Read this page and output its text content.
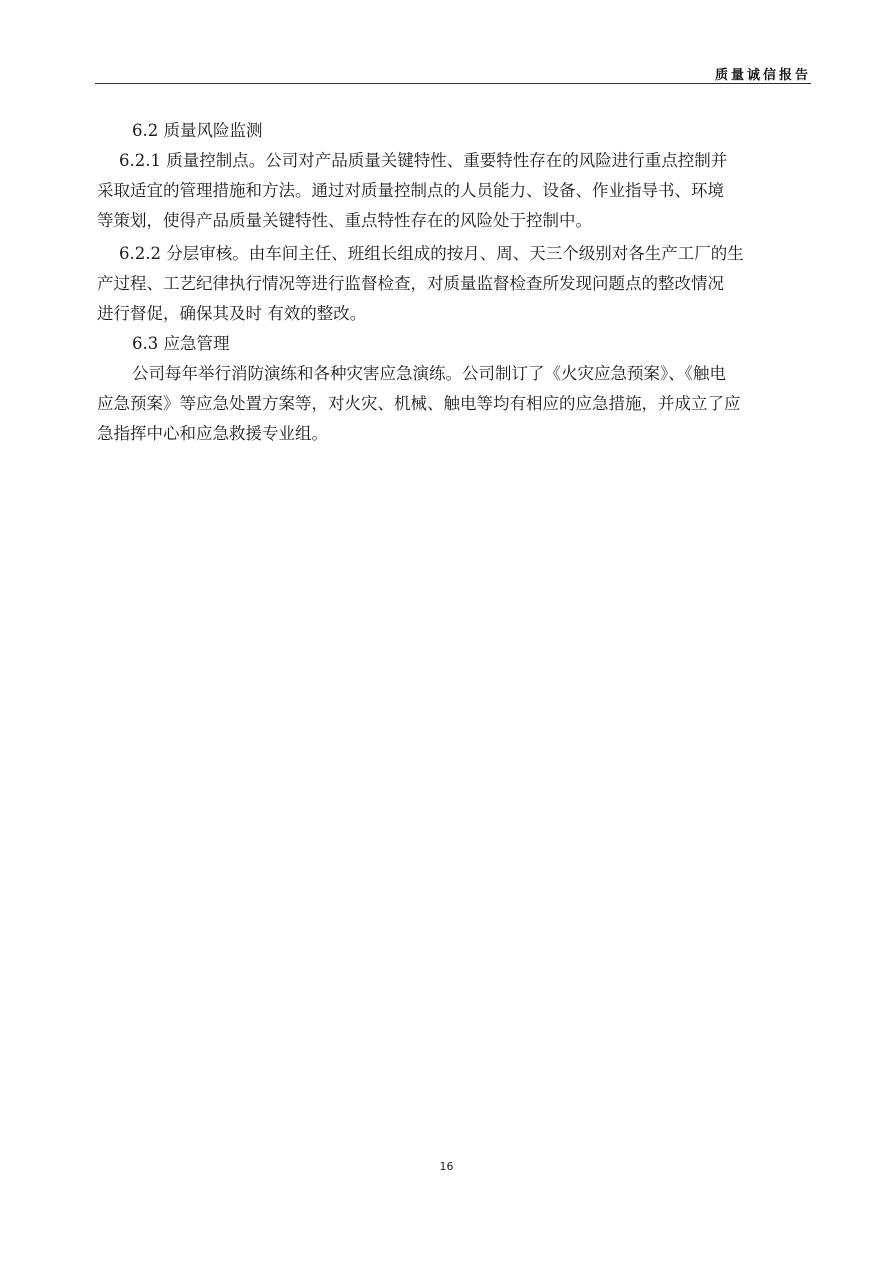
质量诚信报告
6.2 质量风险监测
6.2.1 质量控制点。公司对产品质量关键特性、重要特性存在的风险进行重点控制并
采取适宜的管理措施和方法。通过对质量控制点的人员能力、设备、作业指导书、环境
等策划，使得产品质量关键特性、重点特性存在的风险处于控制中。
6.2.2 分层审核。由车间主任、班组长组成的按月、周、天三个级别对各生产工厂的生
产过程、工艺纪律执行情况等进行监督检查，对质量监督检查所发现问题点的整改情况
进行督促，确保其及时 有效的整改。
6.3 应急管理
公司每年举行消防演练和各种灾害应急演练。公司制订了《火灾应急预案》、《触电
应急预案》等应急处置方案等，对火灾、机械、触电等均有相应的应急措施，并成立了应
急指挥中心和应急救援专业组。
16
